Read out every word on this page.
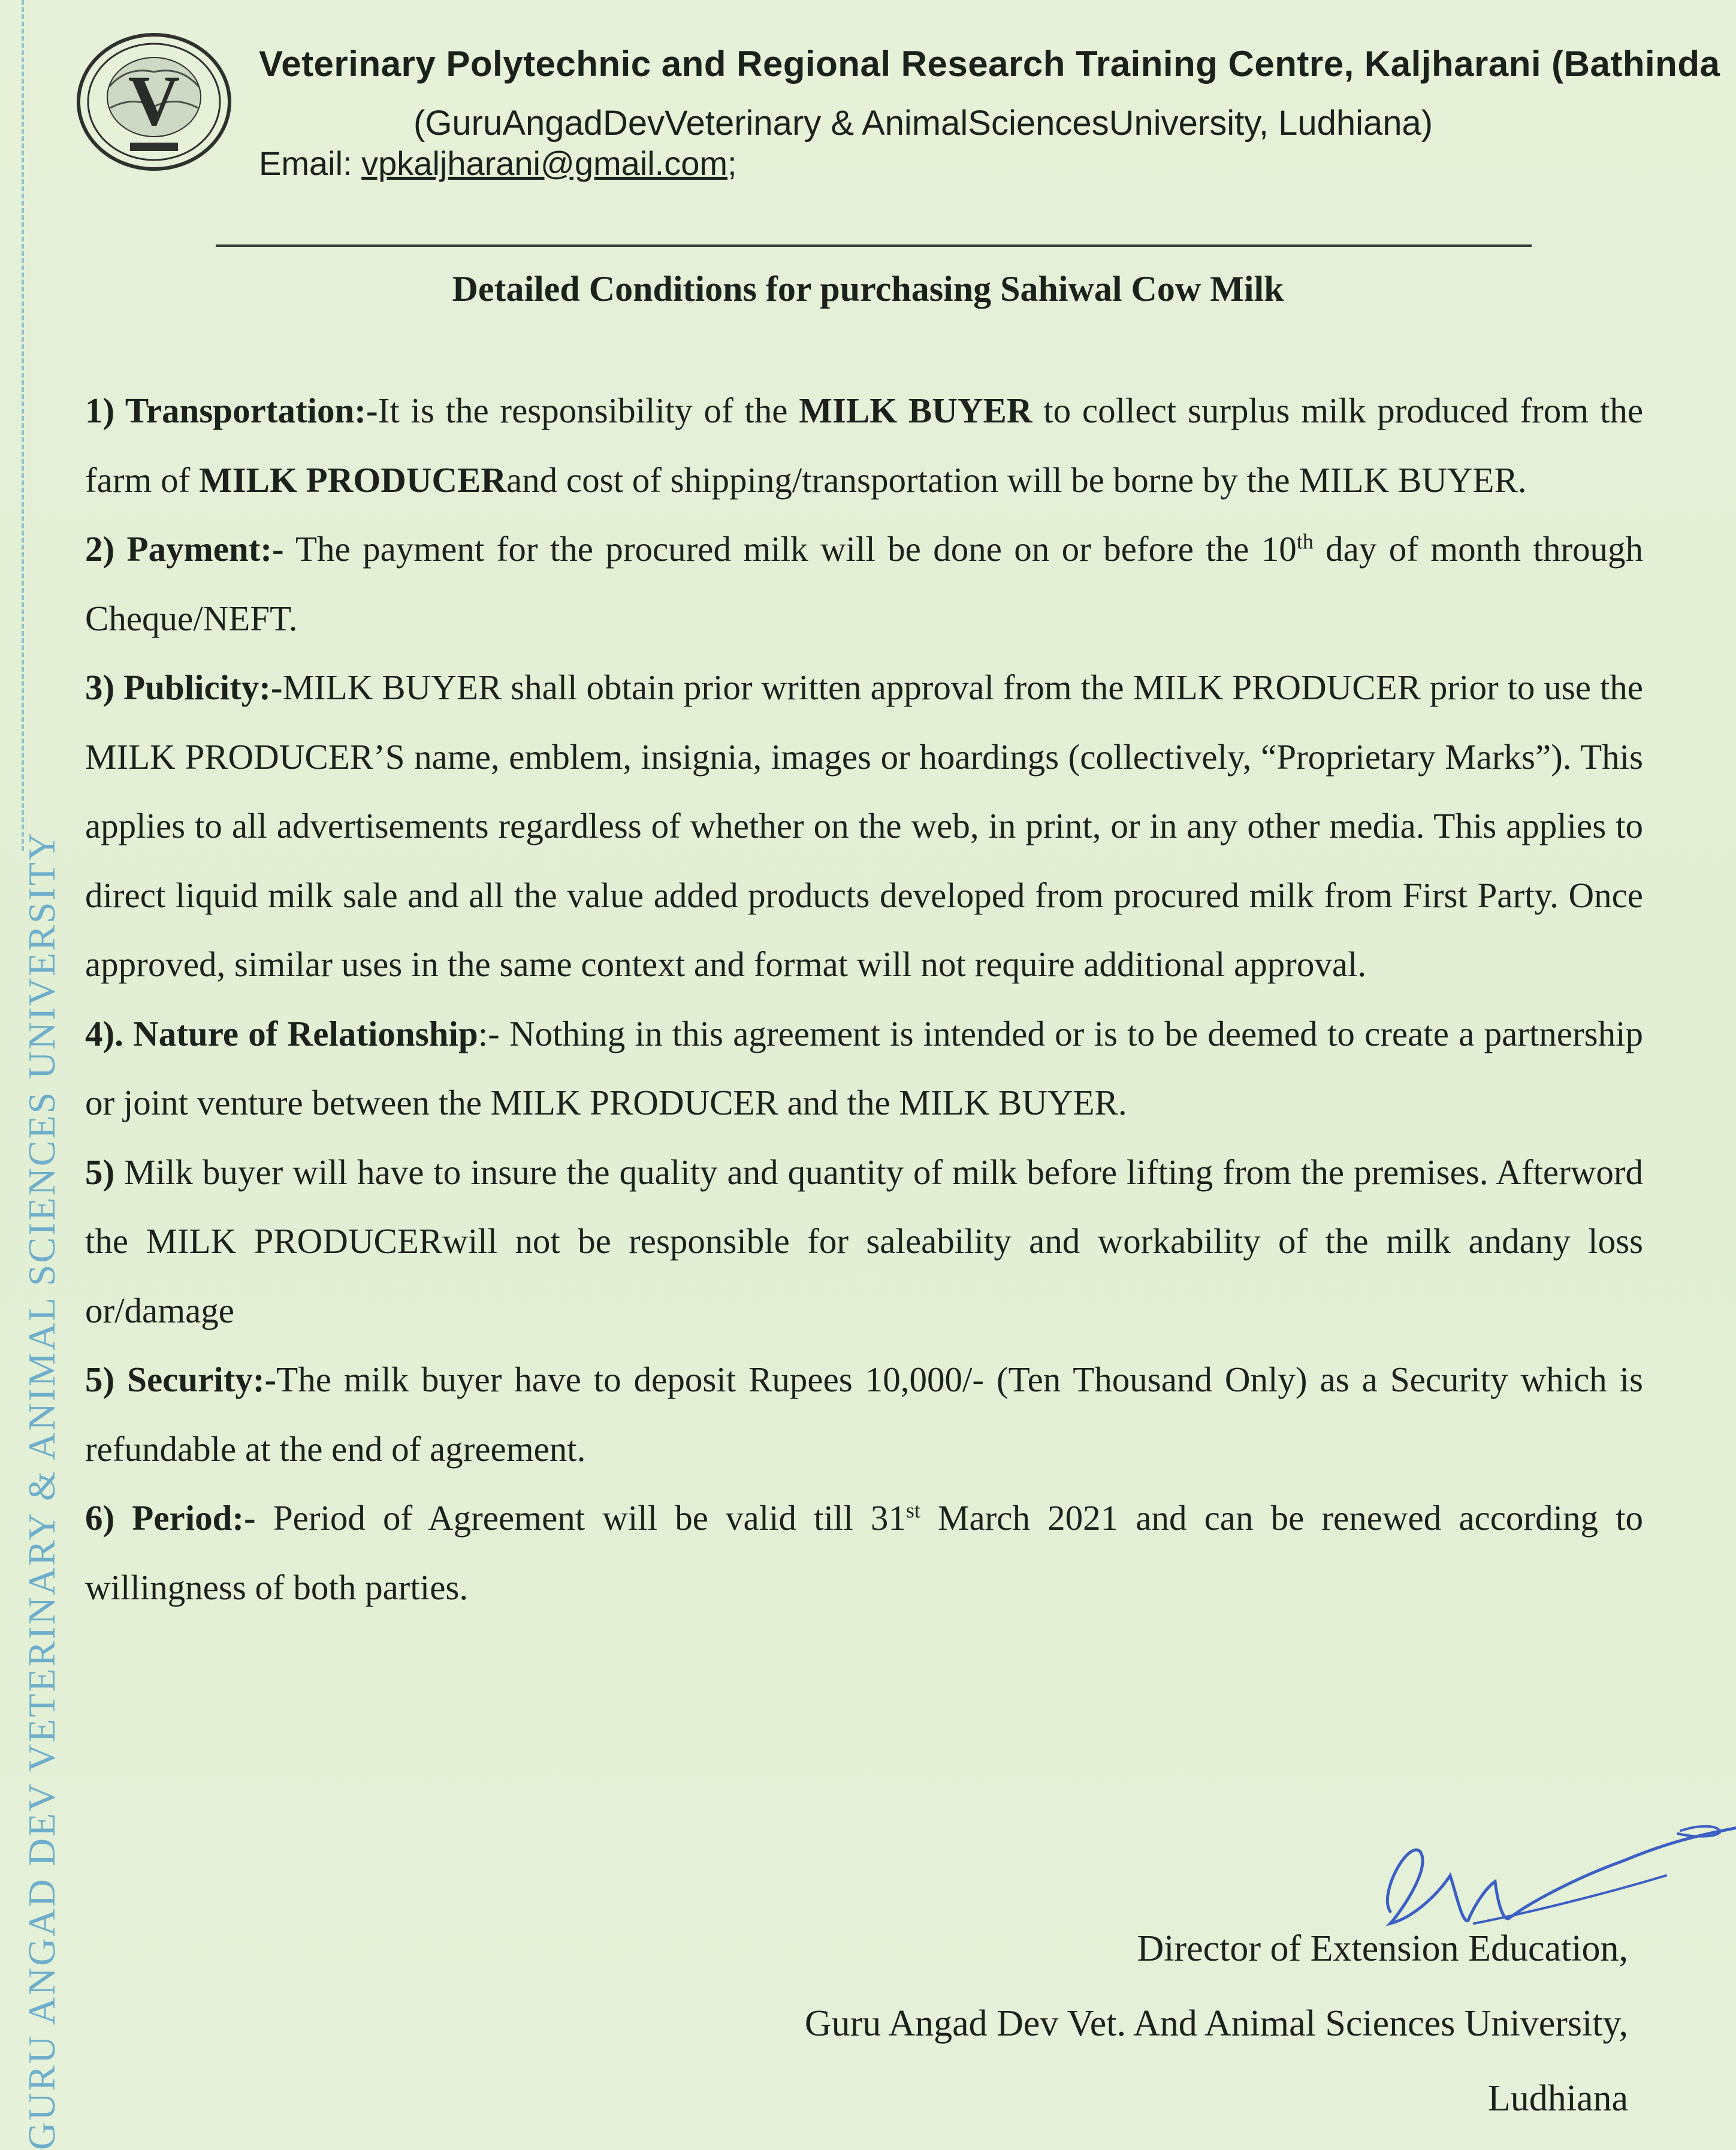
GURU ANGAD DEV VETERINARY & ANIMAL SCIENCES UNIVERSITY
V Veterinary Polytechnic and Regional Research Training Centre, Kaljharani (Bathinda
(GuruAngadDevVeterinary & AnimalSciencesUniversity, Ludhiana)
Email: vpkaljharani@gmail.com;
Detailed Conditions for purchasing Sahiwal Cow Milk

1) Transportation:-It is the responsibility of the MILK BUYER to collect surplus milk produced from the farm of MILK PRODUCERand cost of shipping/transportation will be borne by the MILK BUYER.

2) Payment:- The payment for the procured milk will be done on or before the 10th day of month through Cheque/NEFT.

3) Publicity:-MILK BUYER shall obtain prior written approval from the MILK PRODUCER prior to use the MILK PRODUCER’S name, emblem, insignia, images or hoardings (collectively, “Proprietary Marks”). This applies to all advertisements regardless of whether on the web, in print, or in any other media. This applies to direct liquid milk sale and all the value added products developed from procured milk from First Party. Once approved, similar uses in the same context and format will not require additional approval.

4). Nature of Relationship:- Nothing in this agreement is intended or is to be deemed to create a partnership or joint venture between the MILK PRODUCER and the MILK BUYER.

5) Milk buyer will have to insure the quality and quantity of milk before lifting from the premises. Afterword the MILK PRODUCERwill not be responsible for saleability and workability of the milk andany loss or/damage

5) Security:-The milk buyer have to deposit Rupees 10,000/- (Ten Thousand Only) as a Security which is refundable at the end of agreement.

6) Period:- Period of Agreement will be valid till 31st March 2021 and can be renewed according to willingness of both parties.

Director of Extension Education,
Guru Angad Dev Vet. And Animal Sciences University,
Ludhiana
